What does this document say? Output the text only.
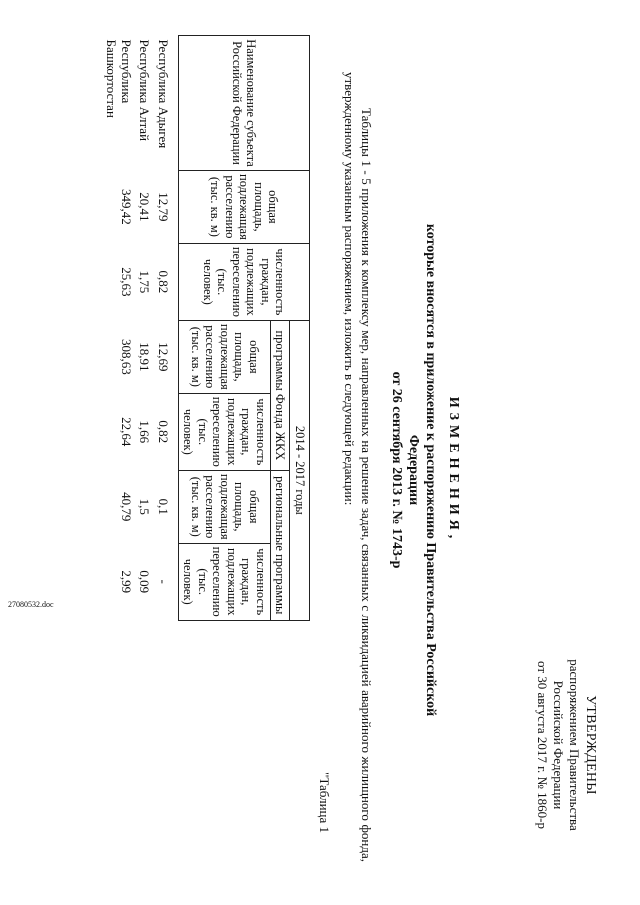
УТВЕРЖДЕНЫ
распоряжением Правительства
Российской Федерации
от 30 августа 2017 г. № 1860-р
ИЗМЕНЕНИЯ,
которые вносятся в приложение к распоряжению Правительства Российской Федерации
от 26 сентября 2013 г. № 1743-р
Таблицы 1 - 5 приложения к комплексу мер, направленных на решение задач, связанных с ликвидацией аварийного жилищного фонда, утвержденному указанным распоряжением, изложить в следующей редакции:
"Таблица 1
Наименование субъекта Российской Федерации	общая площадь, подлежащая расселению (тыс. кв. м)	численность граждан, подлежащих переселению (тыс. человек)	2014 - 2017 годы			
			программы Фонда ЖКХ		региональные программы	
			общая площадь, подлежащая расселению (тыс. кв. м)	численность граждан, подлежащих переселению (тыс. человек)	общая площадь, подлежащая расселению (тыс. кв. м)	численность граждан, подлежащих переселению (тыс. человек)
Республика Адыгея	12,79	0,82	12,69	0,82	0,1	-
Республика Алтай	20,41	1,75	18,91	1,66	1,5	0,09
Республика Башкортостан	349,42	25,63	308,63	22,64	40,79	2,99
27080532.doc
